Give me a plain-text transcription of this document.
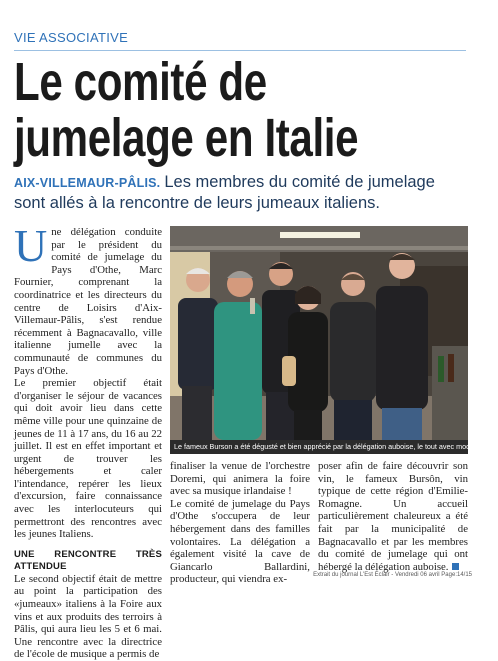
VIE ASSOCIATIVE
Le comité de
jumelage en Italie
AIX-VILLEMAUR-PÂLIS. Les membres du comité de jumelage sont allés à la rencontre de leurs jumeaux italiens.
U ne délégation conduite par le président du comité de jumelage du Pays d'Othe, Marc Fournier, comprenant la coordinatrice et les directeurs du centre de Loisirs d'Aix-Villemaur-Pâlis, s'est rendue récemment à Bagnacavallo, ville italienne jumelle avec la communauté de communes du Pays d'Othe.

Le premier objectif était d'organiser le séjour de vacances qui doit avoir lieu dans cette même ville pour une quinzaine de jeunes de 11 à 17 ans, du 16 au 22 juillet. Il est en effet important et urgent de trouver les hébergements et caler l'intendance, repérer les lieux d'excursion, faire connaissance avec les interlocuteurs qui permettront des rencontres avec les jeunes Italiens.

UNE RENCONTRE TRÈS ATTENDUE

Le second objectif était de mettre au point la participation des «jumeaux» italiens à la Foire aux vins et aux produits des terroirs à Pâlis, qui aura lieu les 5 et 6 mai. Une rencontre avec la directrice de l'école de musique a permis de

Le fameux Burson a été dégusté et bien apprécié par la délégation auboise, le tout avec modération...

finaliser la venue de l'orchestre Doremi, qui animera la foire avec sa musique irlandaise !

Le comité de jumelage du Pays d'Othe s'occupera de leur hébergement dans des familles volontaires. La délégation a également visité la cave de Giancarlo Ballardini, producteur, qui viendra ex-

poser afin de faire découvrir son vin, le fameux Bursôn, vin typique de cette région d'Emilie-Romagne. Un accueil particulièrement chaleureux a été fait par la municipalité de Bagnacavallo et par les membres du comité de jumelage qui ont hébergé la délégation auboise.

Extrait du journal L'Est Éclair - Vendredi 06 avril Page:14/15
